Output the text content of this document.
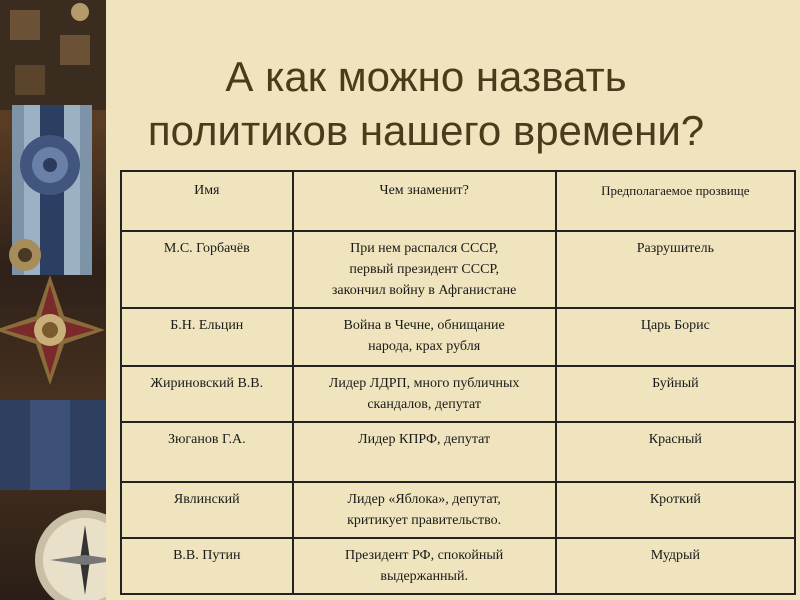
А как можно назвать
политиков нашего времени?
Имя	Чем знаменит?	Предполагаемое прозвище
М.С. Горбачёв	При нем распался СССР,
первый президент СССР,
закончил войну в Афганистане	Разрушитель
Б.Н. Ельцин	Война в Чечне, обнищание
народа, крах рубля	Царь Борис
Жириновский В.В.	Лидер ЛДРП, много публичных
скандалов, депутат	Буйный
Зюганов Г.А.	Лидер КПРФ, депутат	Красный
Явлинский	Лидер «Яблока», депутат,
критикует правительство.	Кроткий
В.В. Путин	Президент РФ, спокойный
выдержанный.	Мудрый
